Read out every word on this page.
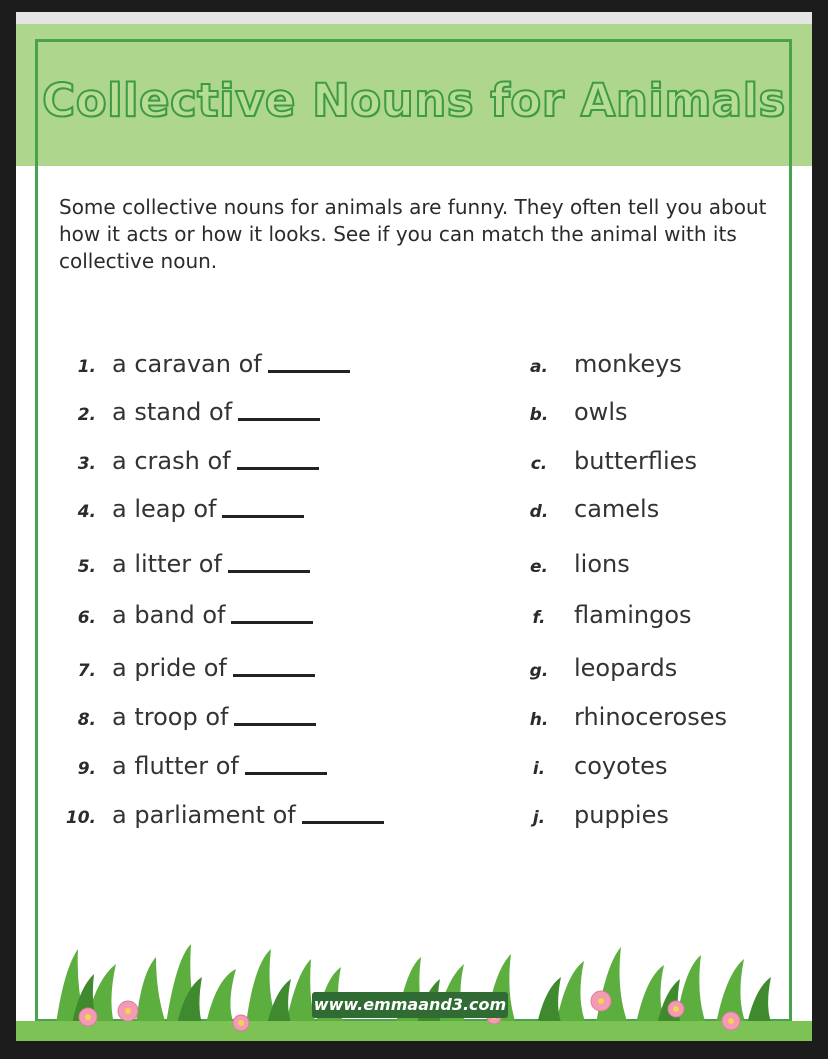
Collective Nouns for Animals
Some collective nouns for animals are funny. They often tell you about how it acts or how it looks. See if you can match the animal with its collective noun.
1. a caravan of
2. a stand of
3. a crash of
4. a leap of
5. a litter of
6. a band of
7. a pride of
8. a troop of
9. a flutter of
10. a parliament of
a. monkeys
b. owls
c. butterflies
d. camels
e. lions
f. flamingos
g. leopards
h. rhinoceroses
i. coyotes
j. puppies
www.emmaand3.com
